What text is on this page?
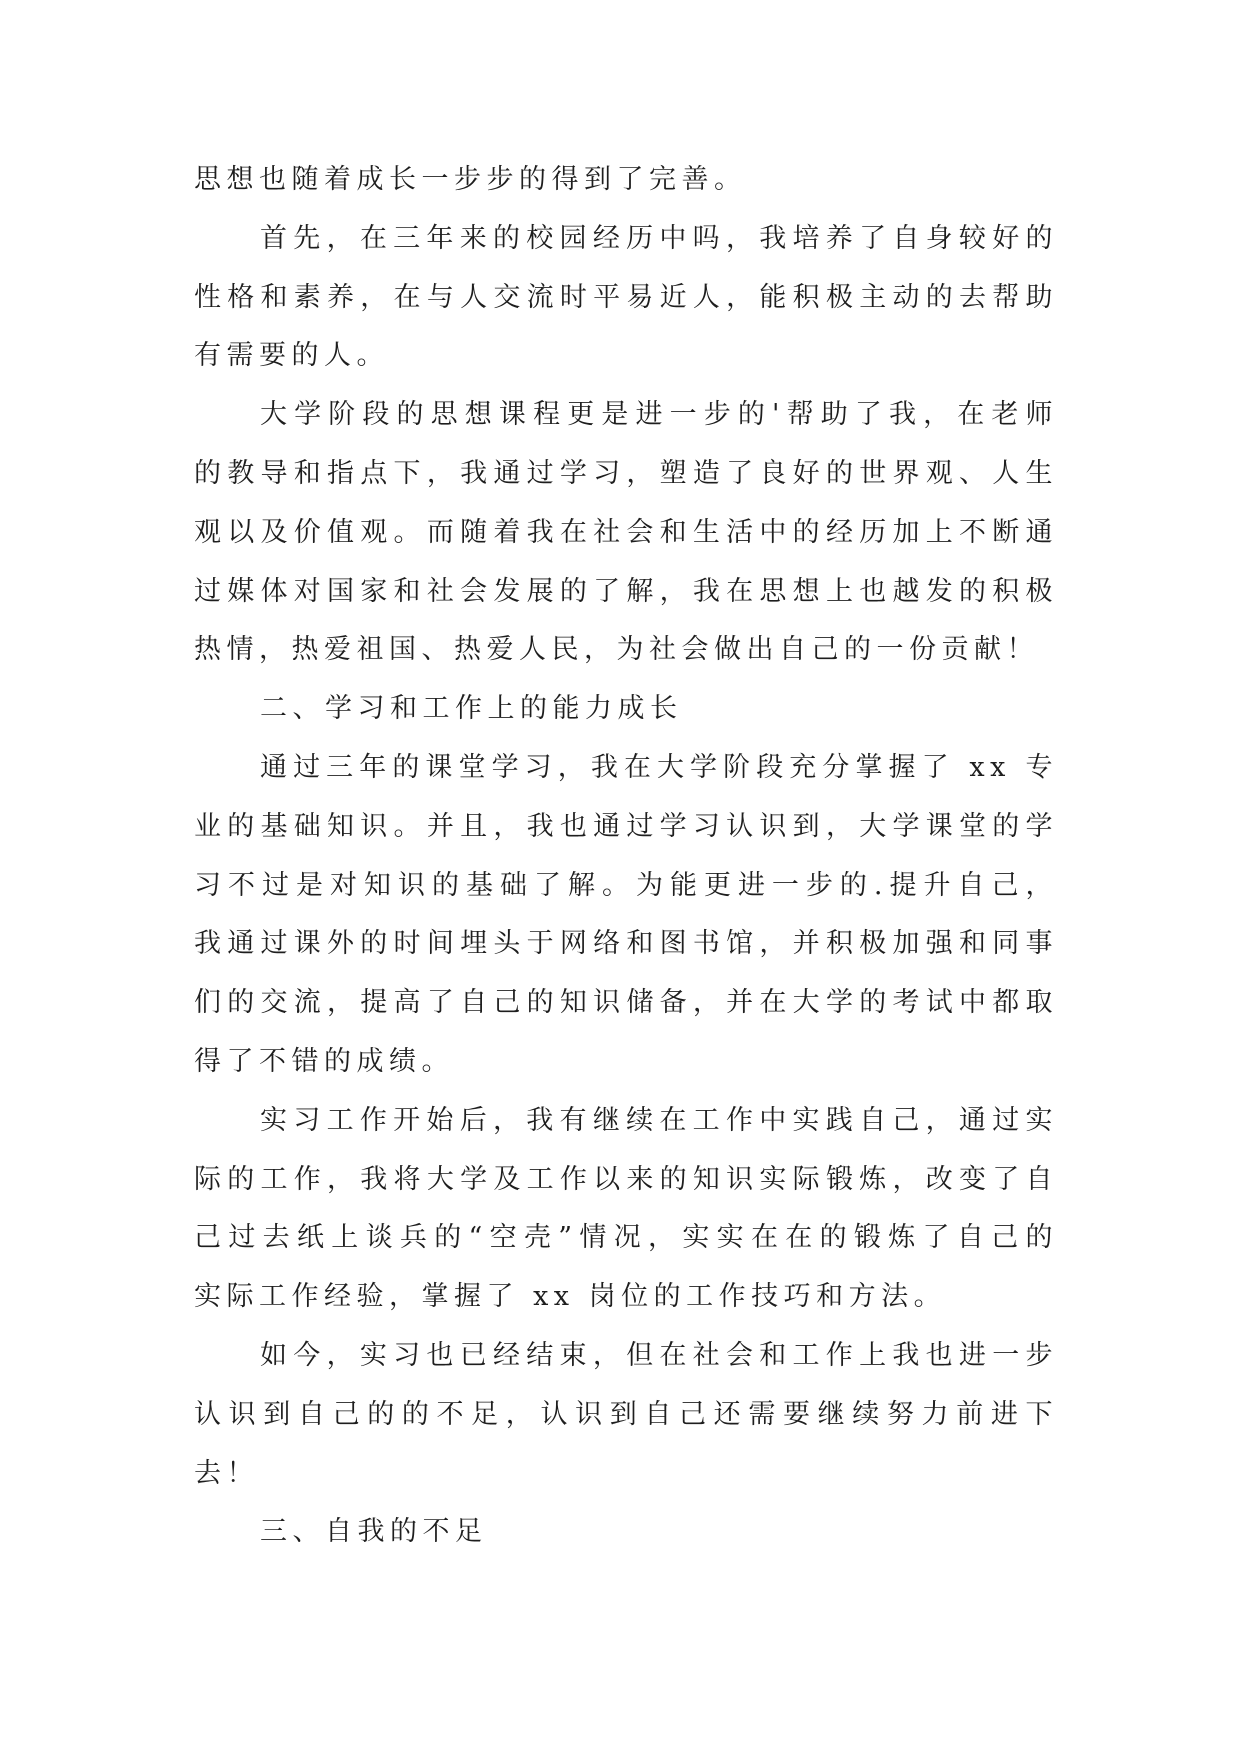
思想也随着成长一步步的得到了完善。
首先，在三年来的校园经历中吗，我培养了自身较好的
性格和素养，在与人交流时平易近人，能积极主动的去帮助
有需要的人。
大学阶段的思想课程更是进一步的'帮助了我，在老师
的教导和指点下，我通过学习，塑造了良好的世界观、人生
观以及价值观。而随着我在社会和生活中的经历加上不断通
过媒体对国家和社会发展的了解，我在思想上也越发的积极
热情，热爱祖国、热爱人民，为社会做出自己的一份贡献！
二、学习和工作上的能力成长
通过三年的课堂学习，我在大学阶段充分掌握了 xx 专
业的基础知识。并且，我也通过学习认识到，大学课堂的学
习不过是对知识的基础了解。为能更进一步的.提升自己，
我通过课外的时间埋头于网络和图书馆，并积极加强和同事
们的交流，提高了自己的知识储备，并在大学的考试中都取
得了不错的成绩。
实习工作开始后，我有继续在工作中实践自己，通过实
际的工作，我将大学及工作以来的知识实际锻炼，改变了自
己过去纸上谈兵的“空壳”情况，实实在在的锻炼了自己的
实际工作经验，掌握了 xx 岗位的工作技巧和方法。
如今，实习也已经结束，但在社会和工作上我也进一步
认识到自己的的不足，认识到自己还需要继续努力前进下
去！
三、自我的不足
